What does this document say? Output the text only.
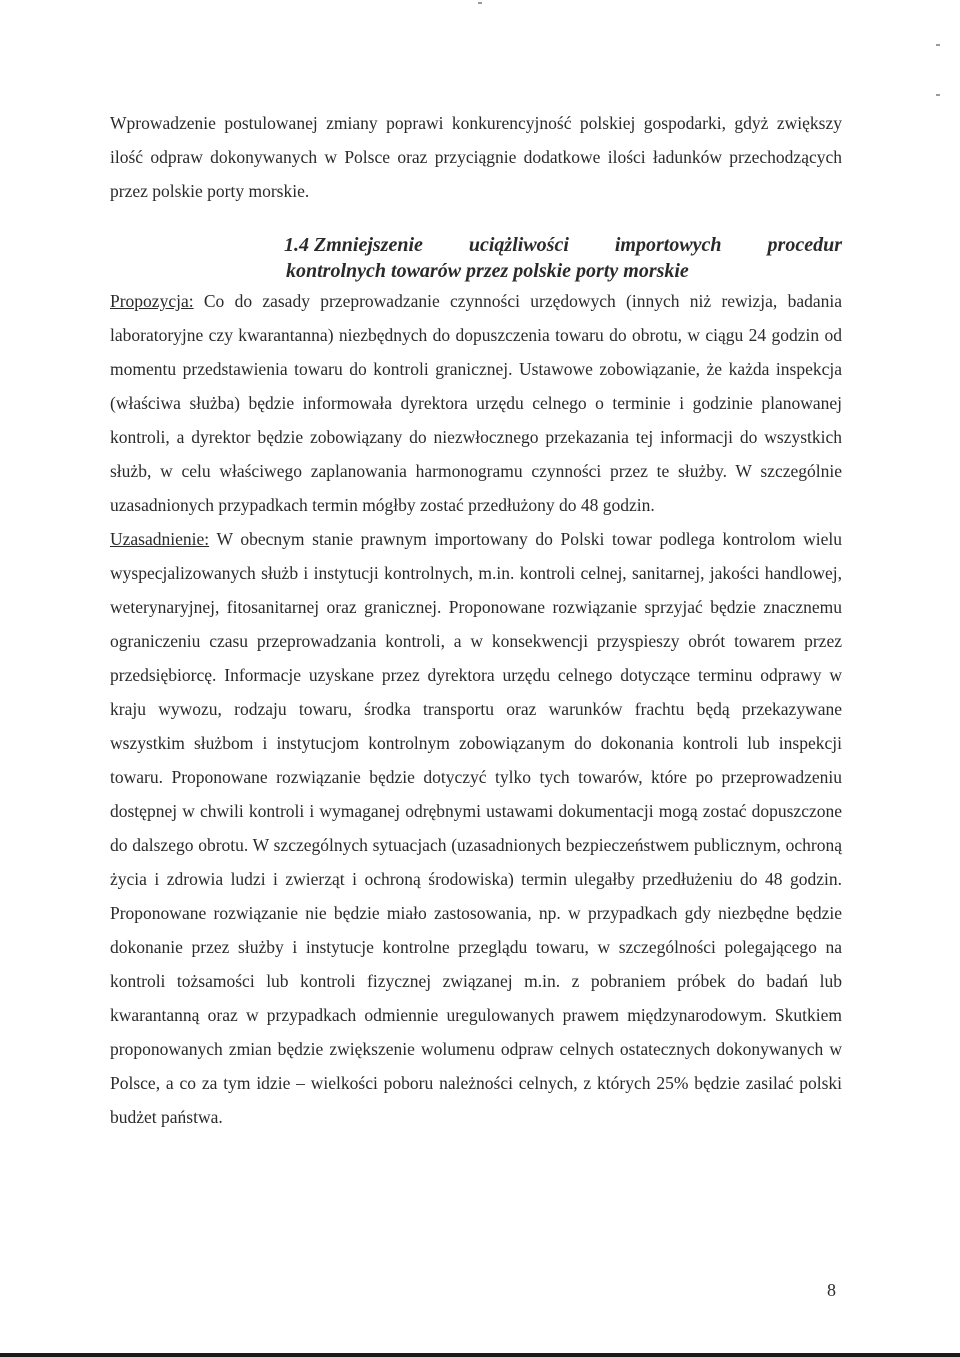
Wprowadzenie postulowanej zmiany poprawi konkurencyjność polskiej gospodarki, gdyż zwiększy ilość odpraw dokonywanych w Polsce oraz przyciągnie dodatkowe ilości ładunków przechodzących przez polskie porty morskie.

1.4 Zmniejszenie uciążliwości importowych procedur
kontrolnych towarów przez polskie porty morskie

Propozycja: Co do zasady przeprowadzanie czynności urzędowych (innych niż rewizja, badania laboratoryjne czy kwarantanna) niezbędnych do dopuszczenia towaru do obrotu, w ciągu 24 godzin od momentu przedstawienia towaru do kontroli granicznej. Ustawowe zobowiązanie, że każda inspekcja (właściwa służba) będzie informowała dyrektora urzędu celnego o terminie i godzinie planowanej kontroli, a dyrektor będzie zobowiązany do niezwłocznego przekazania tej informacji do wszystkich służb, w celu właściwego zaplanowania harmonogramu czynności przez te służby. W szczególnie uzasadnionych przypadkach termin mógłby zostać przedłużony do 48 godzin.

Uzasadnienie: W obecnym stanie prawnym importowany do Polski towar podlega kontrolom wielu wyspecjalizowanych służb i instytucji kontrolnych, m.in. kontroli celnej, sanitarnej, jakości handlowej, weterynaryjnej, fitosanitarnej oraz granicznej. Proponowane rozwiązanie sprzyjać będzie znacznemu ograniczeniu czasu przeprowadzania kontroli, a w konsekwencji przyspieszy obrót towarem przez przedsiębiorcę. Informacje uzyskane przez dyrektora urzędu celnego dotyczące terminu odprawy w kraju wywozu, rodzaju towaru, środka transportu oraz warunków frachtu będą przekazywane wszystkim służbom i instytucjom kontrolnym zobowiązanym do dokonania kontroli lub inspekcji towaru. Proponowane rozwiązanie będzie dotyczyć tylko tych towarów, które po przeprowadzeniu dostępnej w chwili kontroli i wymaganej odrębnymi ustawami dokumentacji mogą zostać dopuszczone do dalszego obrotu. W szczególnych sytuacjach (uzasadnionych bezpieczeństwem publicznym, ochroną życia i zdrowia ludzi i zwierząt i ochroną środowiska) termin ulegałby przedłużeniu do 48 godzin. Proponowane rozwiązanie nie będzie miało zastosowania, np. w przypadkach gdy niezbędne będzie dokonanie przez służby i instytucje kontrolne przeglądu towaru, w szczególności polegającego na kontroli tożsamości lub kontroli fizycznej związanej m.in. z pobraniem próbek do badań lub kwarantanną oraz w przypadkach odmiennie uregulowanych prawem międzynarodowym. Skutkiem proponowanych zmian będzie zwiększenie wolumenu odpraw celnych ostatecznych dokonywanych w Polsce, a co za tym idzie – wielkości poboru należności celnych, z których 25% będzie zasilać polski budżet państwa.

8
